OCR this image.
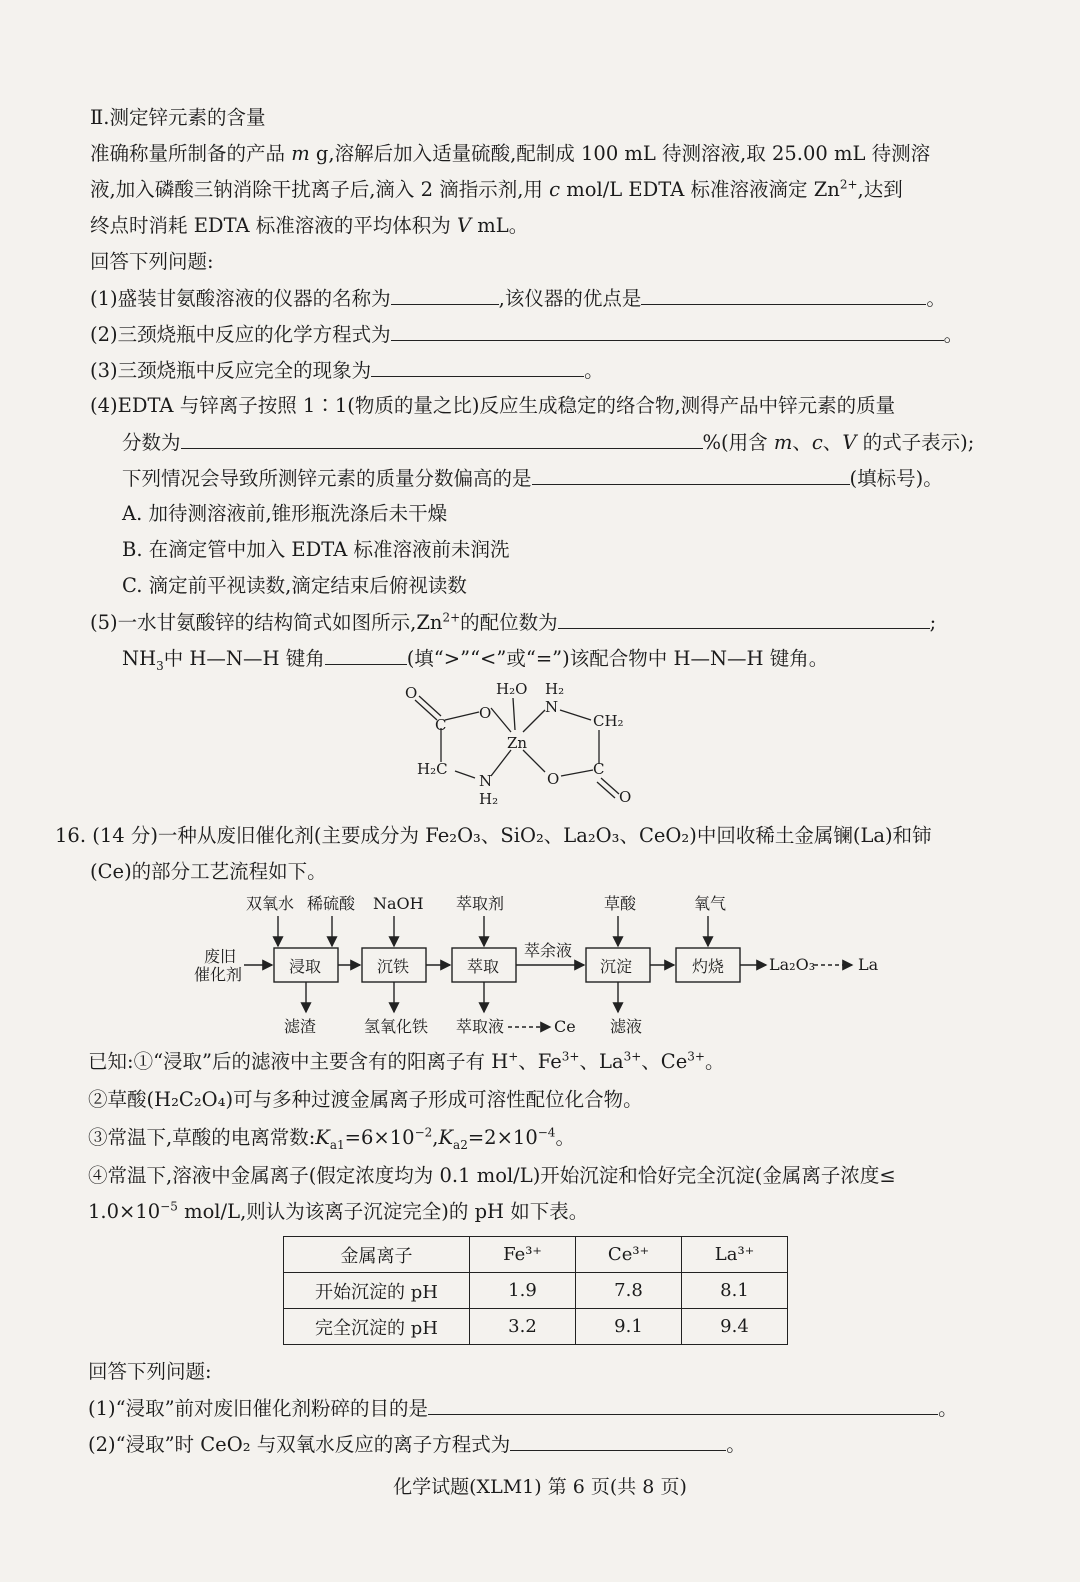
Ⅱ.测定锌元素的含量
准确称量所制备的产品 m g,溶解后加入适量硫酸,配制成 100 mL 待测溶液,取 25.00 mL 待测溶
液,加入磷酸三钠消除干扰离子后,滴入 2 滴指示剂,用 c mol/L EDTA 标准溶液滴定 $Zn^{2+}$,达到
终点时消耗 EDTA 标准溶液的平均体积为 V mL。
回答下列问题:
(1)盛装甘氨酸溶液的仪器的名称为	,该仪器的优点是	。
(2)三颈烧瓶中反应的化学方程式为	。
(3)三颈烧瓶中反应完全的现象为	。
(4)EDTA 与锌离子按照 1∶1(物质的量之比)反应生成稳定的络合物,测得产品中锌元素的质量
分数为	%(用含 m、c、V 的式子表示);
下列情况会导致所测锌元素的质量分数偏高的是	(填标号)。
A. 加待测溶液前,锥形瓶洗涤后未干燥
B. 在滴定管中加入 EDTA 标准溶液前未润洗
C. 滴定前平视读数,滴定结束后俯视读数
(5)一水甘氨酸锌的结构简式如图所示$,Zn^{2+}$的配位数为	;
$NH_3$中 H—N—H 键角	(填“>”“<”或“=”)该配合物中 H—N—H 键角。
O
C
O
H₂O H₂
N
CH₂
Zn
H₂C
N
H₂
O
C
O
16. (14 分)一种从废旧催化剂(主要成分为 Fe₂O₃、SiO₂、La₂O₃、CeO₂)中回收稀土金属镧(La)和铈
(Ce)的部分工艺流程如下。
双氧水 稀硫酸 NaOH 萃取剂	草酸	氧气
废旧
催化剂	浸取	沉铁	萃取	沉淀	灼烧
萃余液
La₂O₃	La
滤渣	氢氧化铁 萃取液	Ce 滤液
已知:①“浸取”后的滤液中主要含有的阳离子有 H+、$Fe^{3+}$、$La^{3+}$、$Ce^{3+}$。
②草酸(H₂C₂O₄)可与多种过渡金属离子形成可溶性配位化合物。
③常温下,草酸的电离常数$:K_{a1}=6\times 10^{-2},K_{a2}=2\times 10^{-4}$。
④常温下,溶液中金属离子(假定浓度均为 0.1 mol/L)开始沉淀和恰好完全沉淀(金属离子浓度≤
$1.0\times 10^{-5}$ mol/L,则认为该离子沉淀完全)的 pH 如下表。
金属离子	Fe³⁺	Ce³⁺	La³⁺
开始沉淀的 pH	1.9	7.8	8.1
完全沉淀的 pH	3.2	9.1	9.4
回答下列问题:
(1)“浸取”前对废旧催化剂粉碎的目的是	。
(2)“浸取”时 CeO₂ 与双氧水反应的离子方程式为	。
化学试题(XLM1) 第 6 页(共 8 页)
